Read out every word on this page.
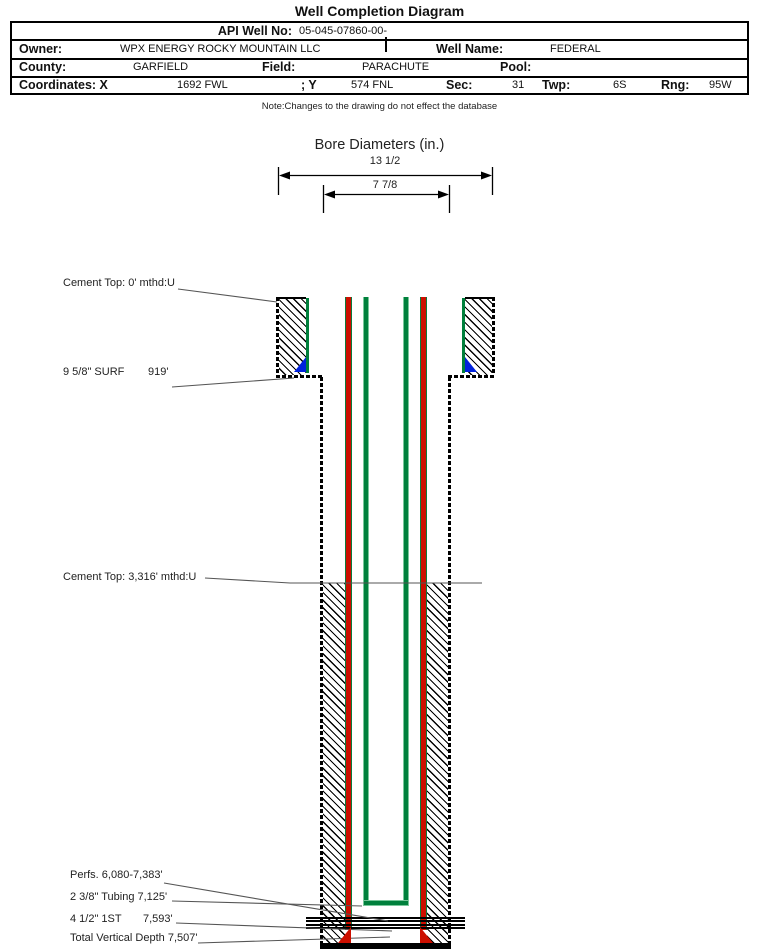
Well Completion Diagram
API Well No: 05-045-07860-00-
Owner:	WPX ENERGY ROCKY MOUNTAIN LLC	Well Name:	FEDERAL
County:	GARFIELD	Field:	PARACHUTE	Pool:
Coordinates: X	1692 FWL	; Y	574 FNL	Sec:	31 Twp:	6S	Rng: 95W
Note:Changes to the drawing do not effect the database
Bore Diameters (in.)
13 1/2
7 7/8
Cement Top: 0' mthd:U
9 5/8" SURF 919'
Cement Top: 3,316' mthd:U
Perfs. 6,080-7,383'
2 3/8" Tubing 7,125'
4 1/2" 1ST 7,593'
Total Vertical Depth 7,507'
